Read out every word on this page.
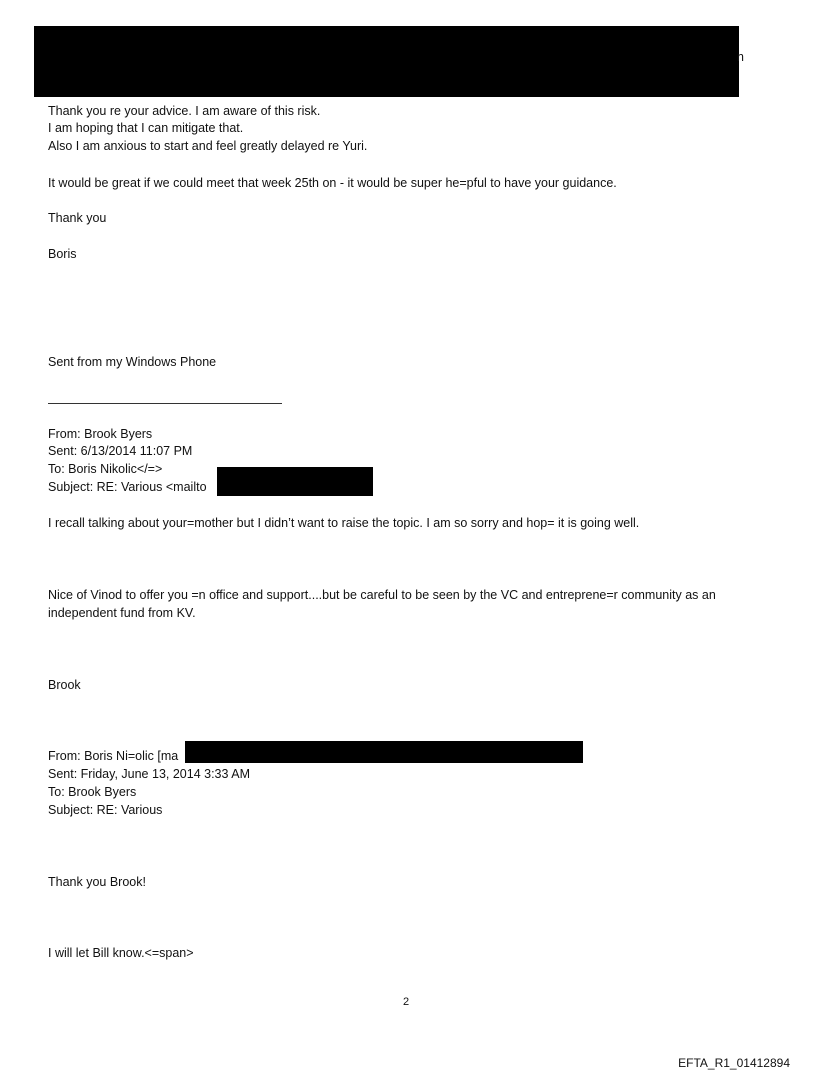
n
Thank you re your advice. I am aware of this risk.
I am hoping that I can mitigate that.
Also I am anxious to start and feel greatly delayed re Yuri.
It would be great if we could meet that week 25th on - it would be super he=pful to have your guidance.
Thank you
Boris
Sent from my Windows Phone
From: Brook Byers
Sent: 6/13/2014 11:07 PM
To: Boris Nikolic</=>
Subject: RE: Various <mailto
I recall talking about your=mother but I didn’t want to raise the topic. I am so sorry and hop= it is going well.
Nice of Vinod to offer you =n office and support....but be careful to be seen by the VC and entreprene=r community as an independent fund from KV.
Brook
From: Boris Ni=olic [ma
Sent: Friday, June 13, 2014 3:33 AM
To: Brook Byers
Subject: RE: Various
Thank you Brook!
I will let Bill know.<=span>
2
EFTA_R1_01412894
